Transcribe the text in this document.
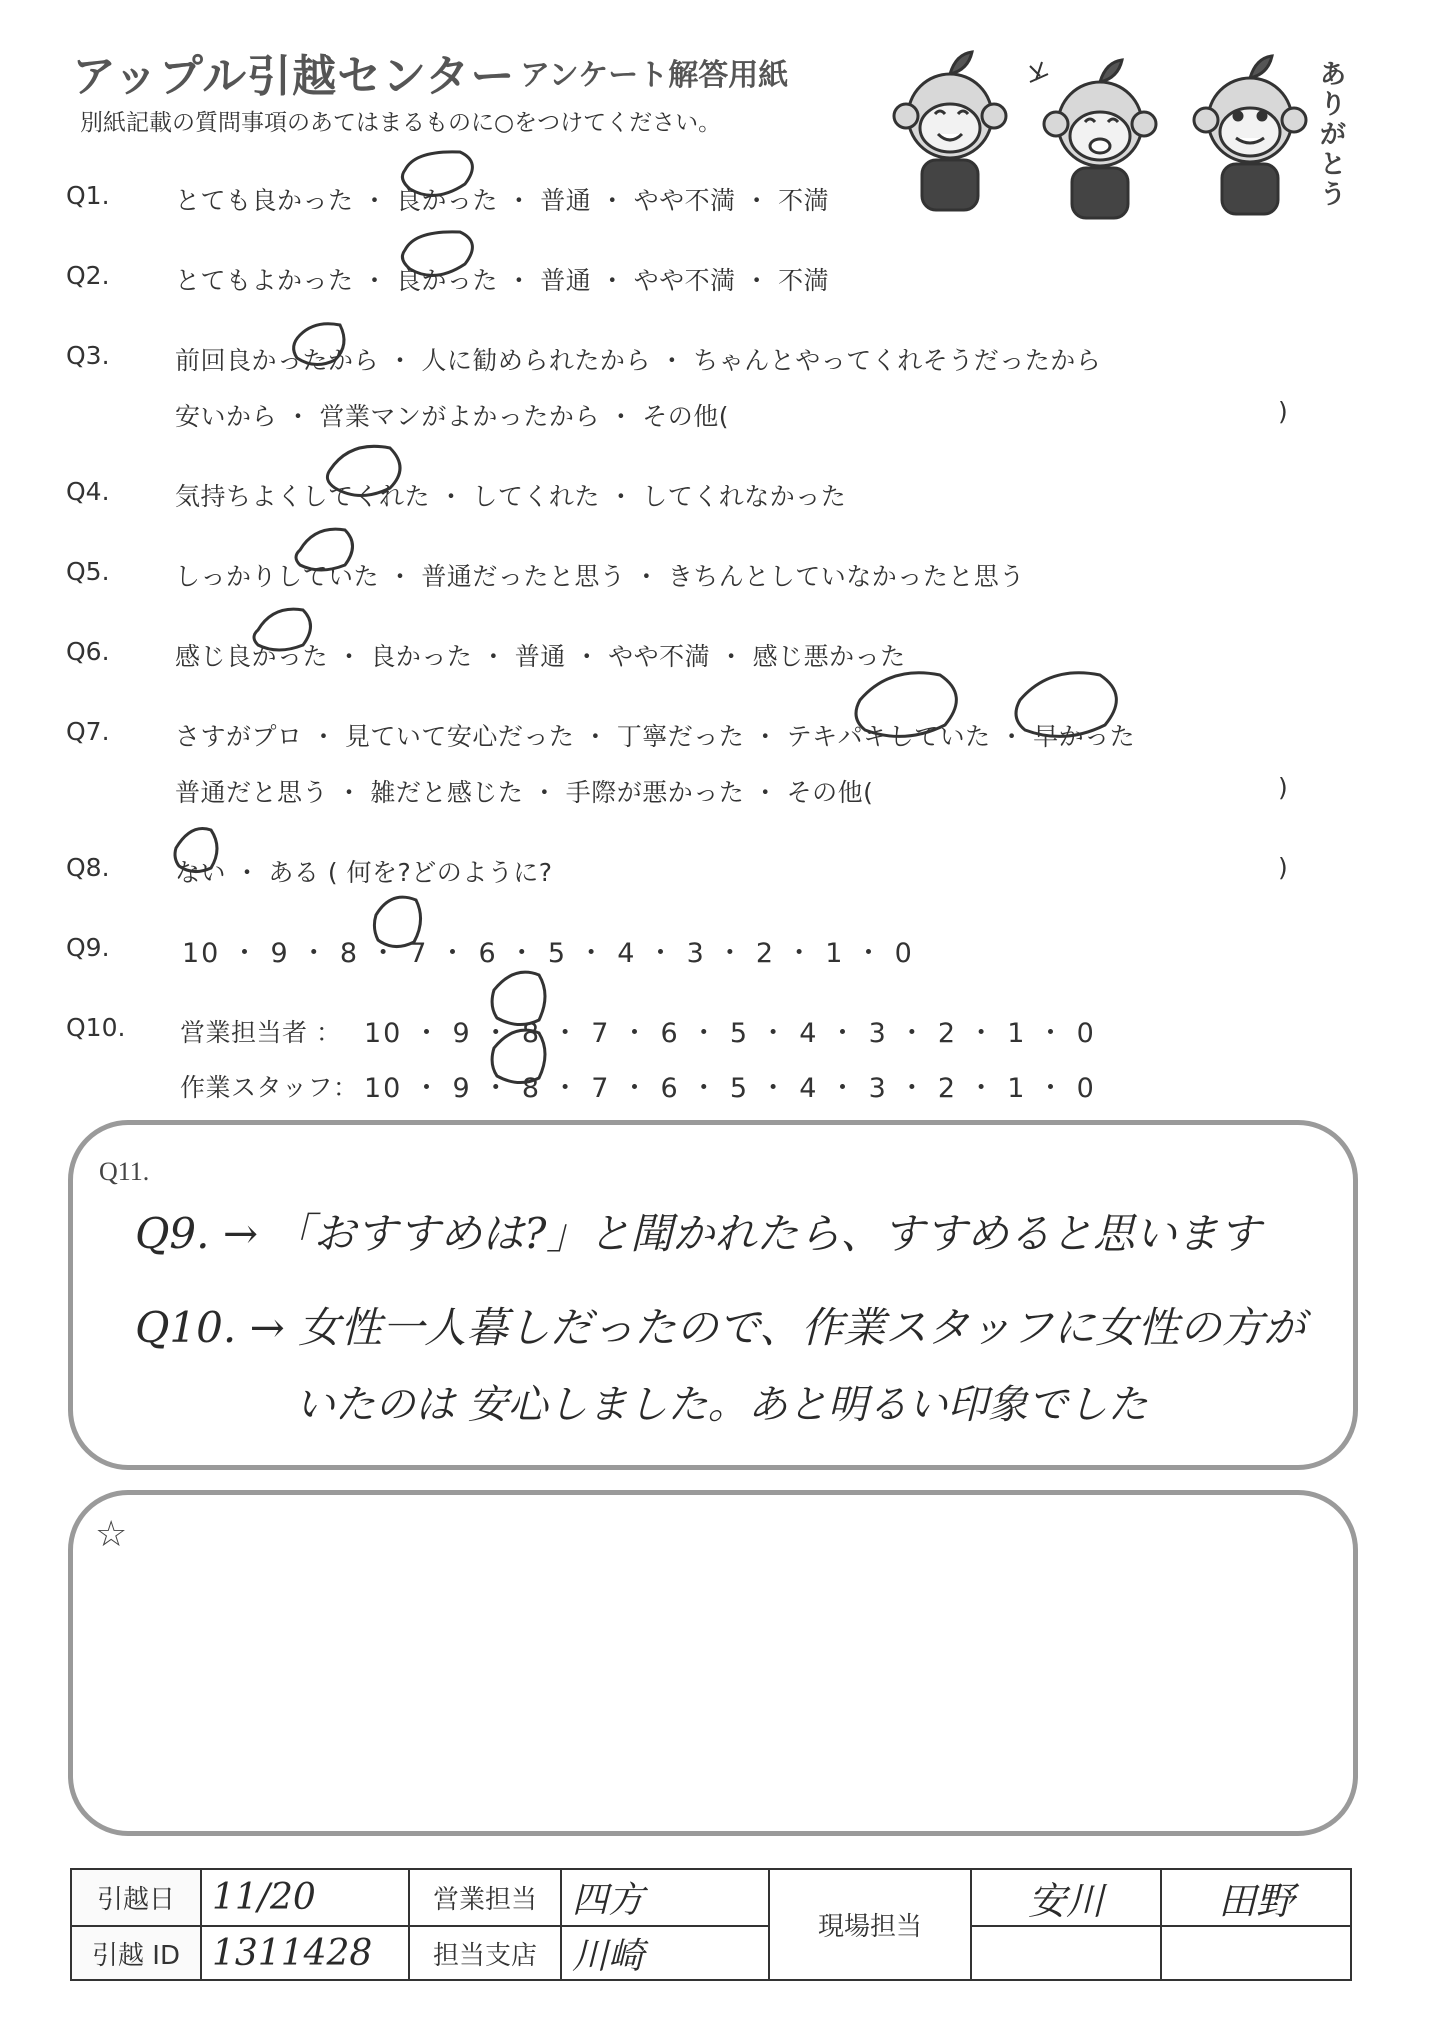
アップル引越センター アンケート解答用紙
別紙記載の質問事項のあてはまるものに○をつけてください。
ありがとう
Q1.	とても良かった ・ 良かった ・ 普通 ・ やや不満 ・ 不満
Q2.	とてもよかった ・ 良かった ・ 普通 ・ やや不満 ・ 不満
Q3.	前回良かったから ・ 人に勧められたから ・ ちゃんとやってくれそうだったから
安いから ・ 営業マンがよかったから ・ その他(	)
Q4.	気持ちよくしてくれた ・ してくれた ・ してくれなかった
Q5.	しっかりしていた ・ 普通だったと思う ・ きちんとしていなかったと思う
Q6.	感じ良かった ・ 良かった ・ 普通 ・ やや不満 ・ 感じ悪かった
Q7.	さすがプロ ・ 見ていて安心だった ・ 丁寧だった ・ テキパキしていた ・ 早かった
普通だと思う ・ 雑だと感じた ・ 手際が悪かった ・ その他(	)
Q8.	ない ・ ある ( 何を?どのように?	)
Q9.	10 ・ 9 ・ 8 ・ 7 ・ 6 ・ 5 ・ 4 ・ 3 ・ 2 ・ 1 ・ 0
Q10. 営業担当者 ： 10 ・ 9 ・ 8 ・ 7 ・ 6 ・ 5 ・ 4 ・ 3 ・ 2 ・ 1 ・ 0
作業スタッフ： 10 ・ 9 ・ 8 ・ 7 ・ 6 ・ 5 ・ 4 ・ 3 ・ 2 ・ 1 ・ 0
Q11.
Q9. → 「おすすめは?」と聞かれたら、すすめると思います
Q10. → 女性一人暮しだったので、作業スタッフに女性の方が
いたのは 安心しました。あと明るい印象でした
☆
引越日	11/20	営業担当	四方	現場担当	安川	田野
引越 ID	1311428	担当支店	川崎			
